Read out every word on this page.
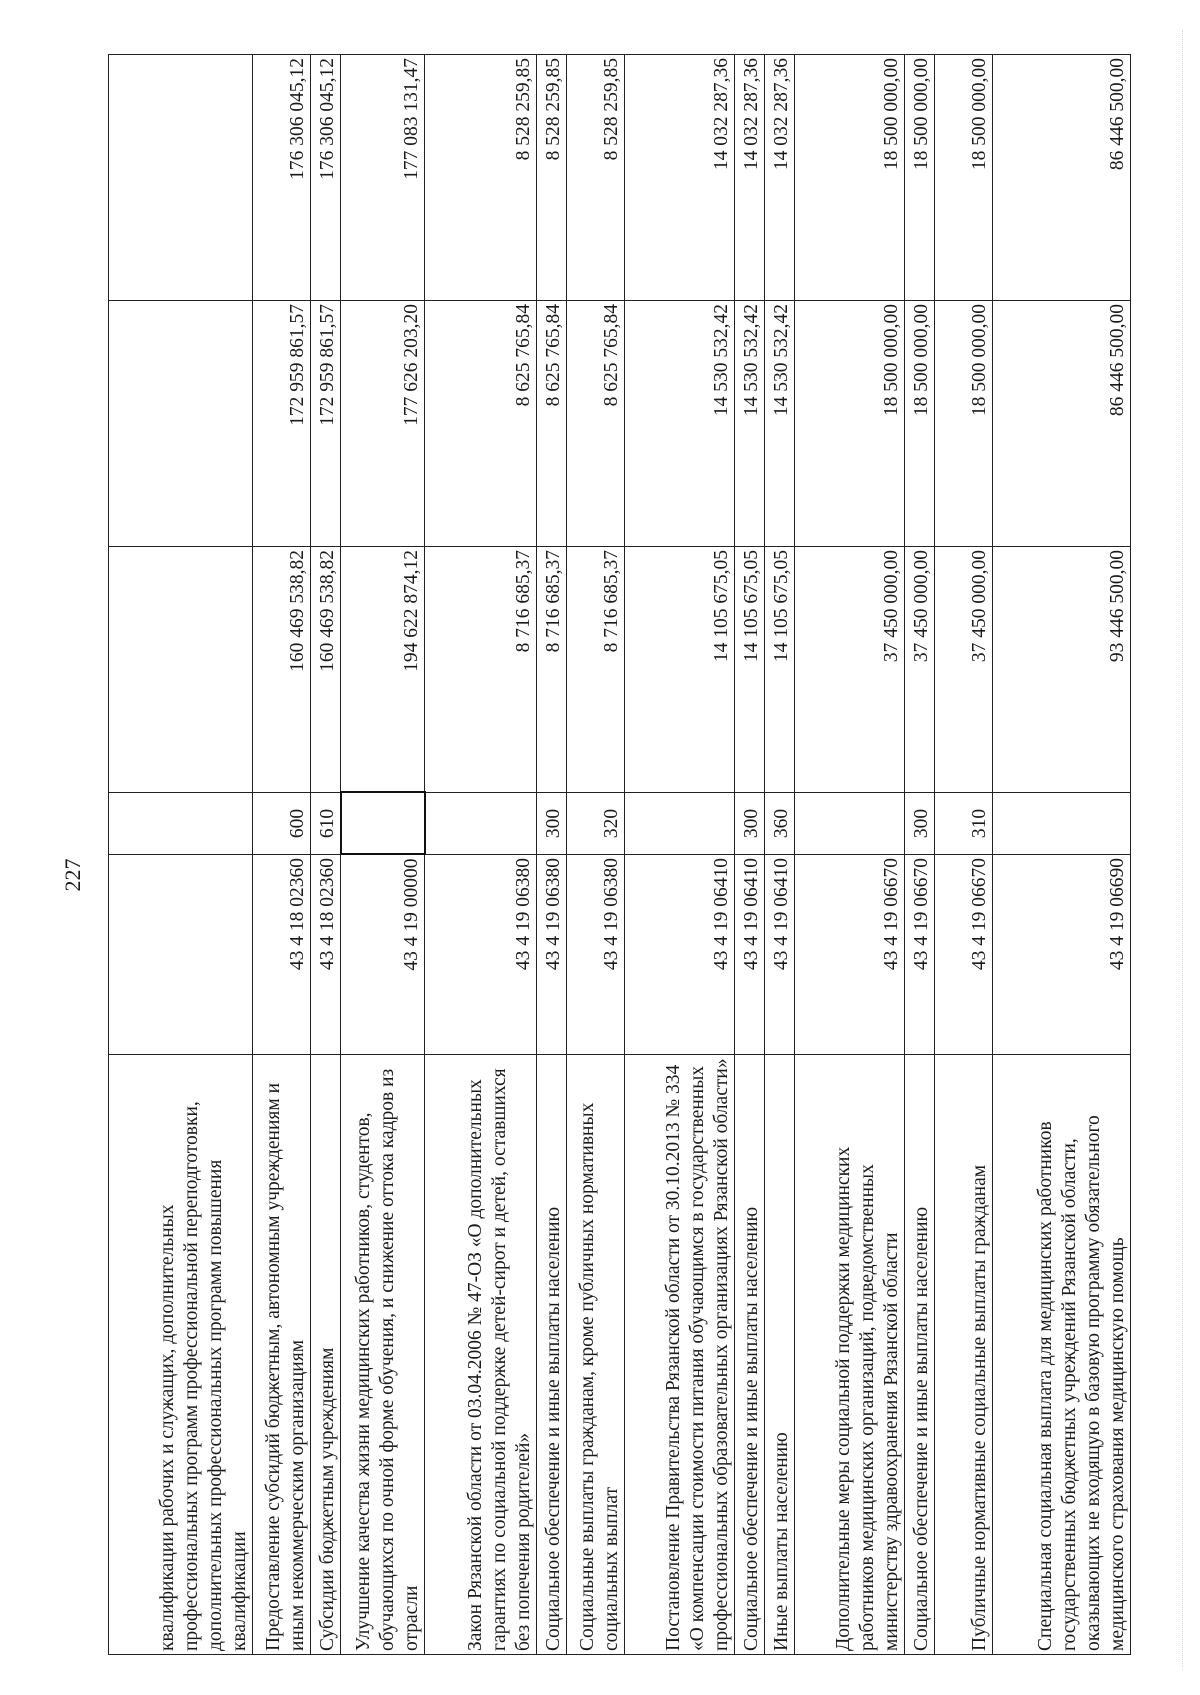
227
квалификации рабочих и служащих, дополнительных профессиональных программ профессиональной переподготовки, дополнительных профессиональных программ повышения квалификации					
Предоставление субсидий бюджетным, автономным учреждениям и иным некоммерческим организациям	43 4 18 02360	600	160 469 538,82	172 959 861,57	176 306 045,12
Субсидии бюджетным учреждениям	43 4 18 02360	610	160 469 538,82	172 959 861,57	176 306 045,12
Улучшение качества жизни медицинских работников, студентов, обучающихся по очной форме обучения, и снижение оттока кадров из отрасли	43 4 19 00000		194 622 874,12	177 626 203,20	177 083 131,47
Закон Рязанской области от 03.04.2006 № 47-ОЗ «О дополнительных гарантиях по социальной поддержке детей-сирот и детей, оставшихся без попечения родителей»	43 4 19 06380		8 716 685,37	8 625 765,84	8 528 259,85
Социальное обеспечение и иные выплаты населению	43 4 19 06380	300	8 716 685,37	8 625 765,84	8 528 259,85
Социальные выплаты гражданам, кроме публичных нормативных социальных выплат	43 4 19 06380	320	8 716 685,37	8 625 765,84	8 528 259,85
Постановление Правительства Рязанской области от 30.10.2013 № 334 «О компенсации стоимости питания обучающимся в государственных профессиональных образовательных организациях Рязанской области»	43 4 19 06410		14 105 675,05	14 530 532,42	14 032 287,36
Социальное обеспечение и иные выплаты населению	43 4 19 06410	300	14 105 675,05	14 530 532,42	14 032 287,36
Иные выплаты населению	43 4 19 06410	360	14 105 675,05	14 530 532,42	14 032 287,36
Дополнительные меры социальной поддержки медицинских работников медицинских организаций, подведомственных министерству здравоохранения Рязанской области	43 4 19 06670		37 450 000,00	18 500 000,00	18 500 000,00
Социальное обеспечение и иные выплаты населению	43 4 19 06670	300	37 450 000,00	18 500 000,00	18 500 000,00
Публичные нормативные социальные выплаты гражданам	43 4 19 06670	310	37 450 000,00	18 500 000,00	18 500 000,00
Специальная социальная выплата для медицинских работников государственных бюджетных учреждений Рязанской области, оказывающих не входящую в базовую программу обязательного медицинского страхования медицинскую помощь	43 4 19 06690		93 446 500,00	86 446 500,00	86 446 500,00
